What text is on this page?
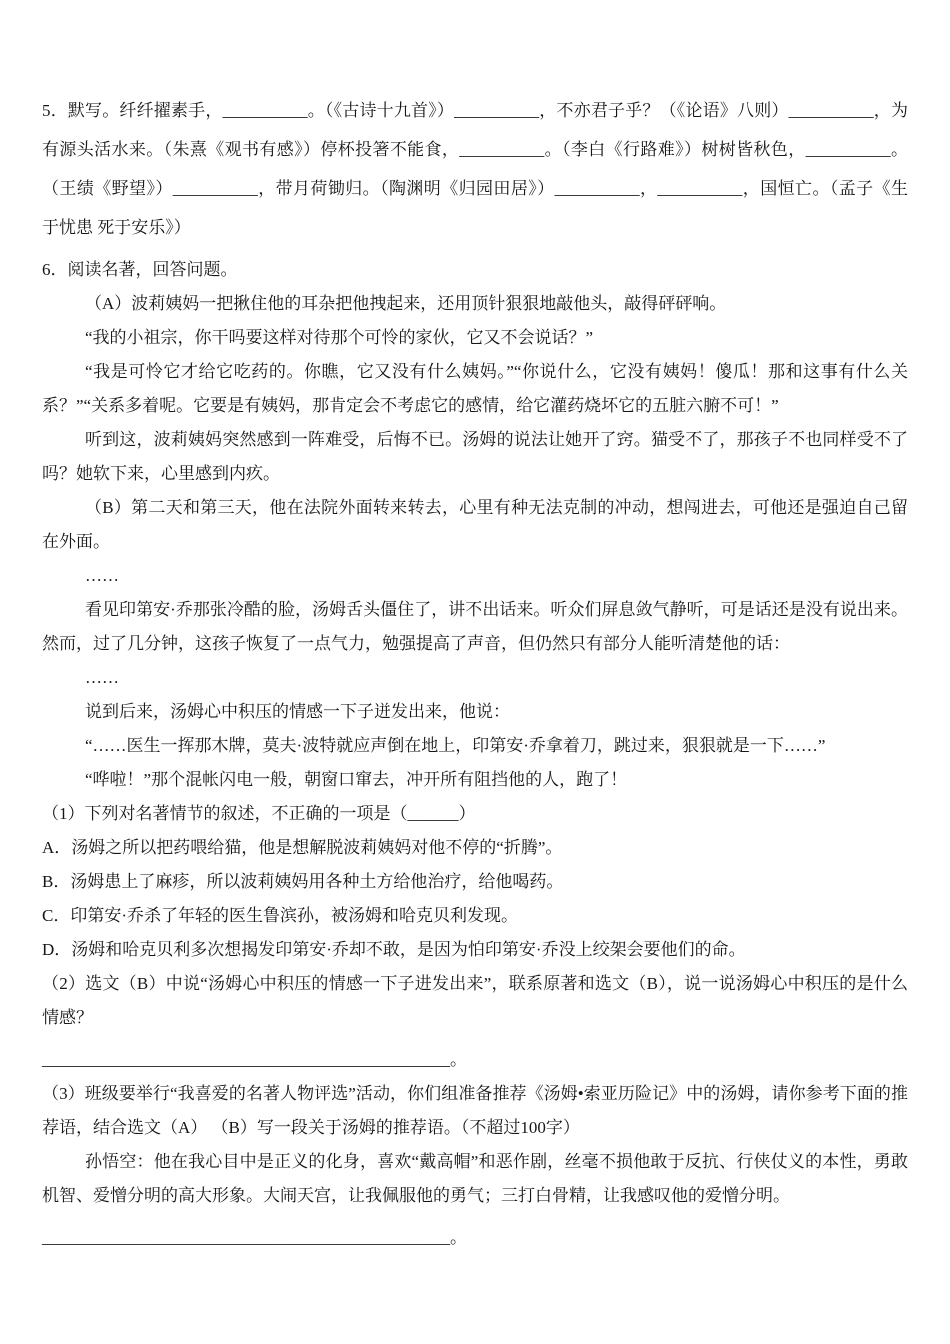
5．默写。纤纤擢素手，__________。（《古诗十九首》）__________，不亦君子乎？（《论语》八则）__________，为有源头活水来。（朱熹《观书有感》）停杯投箸不能食，__________。（李白《行路难》）树树皆秋色，__________。（王绩《野望》）__________，带月荷锄归。（陶渊明《归园田居》）__________，__________，国恒亡。（孟子《生于忧患 死于安乐》）

6．阅读名著，回答问题。

（A）波莉姨妈一把揪住他的耳杂把他拽起来，还用顶针狠狠地敲他头，敲得砰砰响。

“我的小祖宗，你干吗要这样对待那个可怜的家伙，它又不会说话？”

“我是可怜它才给它吃药的。你瞧，它又没有什么姨妈。”“你说什么，它没有姨妈！傻瓜！那和这事有什么关系？”“关系多着呢。它要是有姨妈，那肯定会不考虑它的感情，给它灌药烧坏它的五脏六腑不可！”

听到这，波莉姨妈突然感到一阵难受，后悔不已。汤姆的说法让她开了窍。猫受不了，那孩子不也同样受不了吗？她软下来，心里感到内疚。

（B）第二天和第三天，他在法院外面转来转去，心里有种无法克制的冲动，想闯进去，可他还是强迫自己留在外面。

……

看见印第安·乔那张冷酷的脸，汤姆舌头僵住了，讲不出话来。听众们屏息敛气静听，可是话还是没有说出来。然而，过了几分钟，这孩子恢复了一点气力，勉强提高了声音，但仍然只有部分人能听清楚他的话：

……

说到后来，汤姆心中积压的情感一下子迸发出来，他说：

“……医生一挥那木牌，莫夫·波特就应声倒在地上，印第安·乔拿着刀，跳过来，狠狠就是一下……”

“哗啦！”那个混帐闪电一般，朝窗口窜去，冲开所有阻挡他的人，跑了！

（1）下列对名著情节的叙述，不正确的一项是（______）

A．汤姆之所以把药喂给猫，他是想解脱波莉姨妈对他不停的“折腾”。

B．汤姆患上了麻疹，所以波莉姨妈用各种土方给他治疗，给他喝药。

C．印第安·乔杀了年轻的医生鲁滨孙，被汤姆和哈克贝利发现。

D．汤姆和哈克贝利多次想揭发印第安·乔却不敢，是因为怕印第安·乔没上绞架会要他们的命。

（2）选文（B）中说“汤姆心中积压的情感一下子进发出来”，联系原著和选文（B），说一说汤姆心中积压的是什么情感？

________________________________________________。

（3）班级要举行“我喜爱的名著人物评选”活动，你们组准备推荐《汤姆•索亚历险记》中的汤姆，请你参考下面的推荐语，结合选文（A） （B）写一段关于汤姆的推荐语。（不超过100字）

孙悟空：他在我心目中是正义的化身，喜欢“戴高帽”和恶作剧，丝毫不损他敢于反抗、行侠仗义的本性，勇敢机智、爱憎分明的高大形象。大闹天宫，让我佩服他的勇气；三打白骨精，让我感叹他的爱憎分明。

________________________________________________。
